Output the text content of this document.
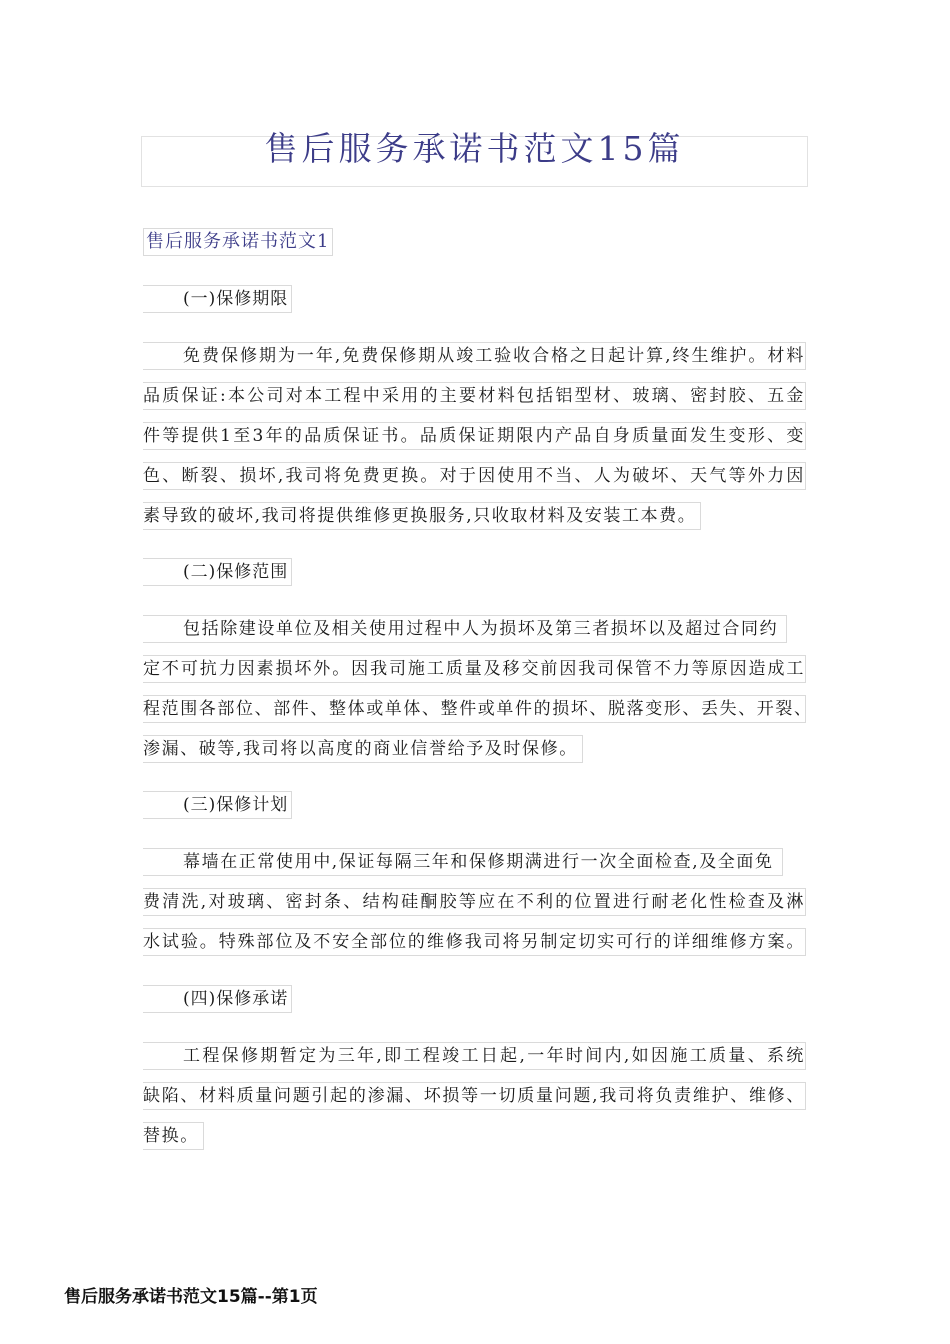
售后服务承诺书范文15篇
售后服务承诺书范文1
(一)保修期限
免费保修期为一年,免费保修期从竣工验收合格之日起计算,终生维护。材料
品质保证:本公司对本工程中采用的主要材料包括铝型材、玻璃、密封胶、五金
件等提供1至3年的品质保证书。品质保证期限内产品自身质量面发生变形、变
色、断裂、损坏,我司将免费更换。对于因使用不当、人为破坏、天气等外力因
素导致的破坏,我司将提供维修更换服务,只收取材料及安装工本费。
(二)保修范围
包括除建设单位及相关使用过程中人为损坏及第三者损坏以及超过合同约
定不可抗力因素损坏外。因我司施工质量及移交前因我司保管不力等原因造成工
程范围各部位、部件、整体或单体、整件或单件的损坏、脱落变形、丢失、开裂、
渗漏、破等,我司将以高度的商业信誉给予及时保修。
(三)保修计划
幕墙在正常使用中,保证每隔三年和保修期满进行一次全面检查,及全面免
费清洗,对玻璃、密封条、结构硅酮胶等应在不利的位置进行耐老化性检查及淋
水试验。特殊部位及不安全部位的维修我司将另制定切实可行的详细维修方案。
(四)保修承诺
工程保修期暂定为三年,即工程竣工日起,一年时间内,如因施工质量、系统
缺陷、材料质量问题引起的渗漏、坏损等一切质量问题,我司将负责维护、维修、
替换。
售后服务承诺书范文15篇--第1页
